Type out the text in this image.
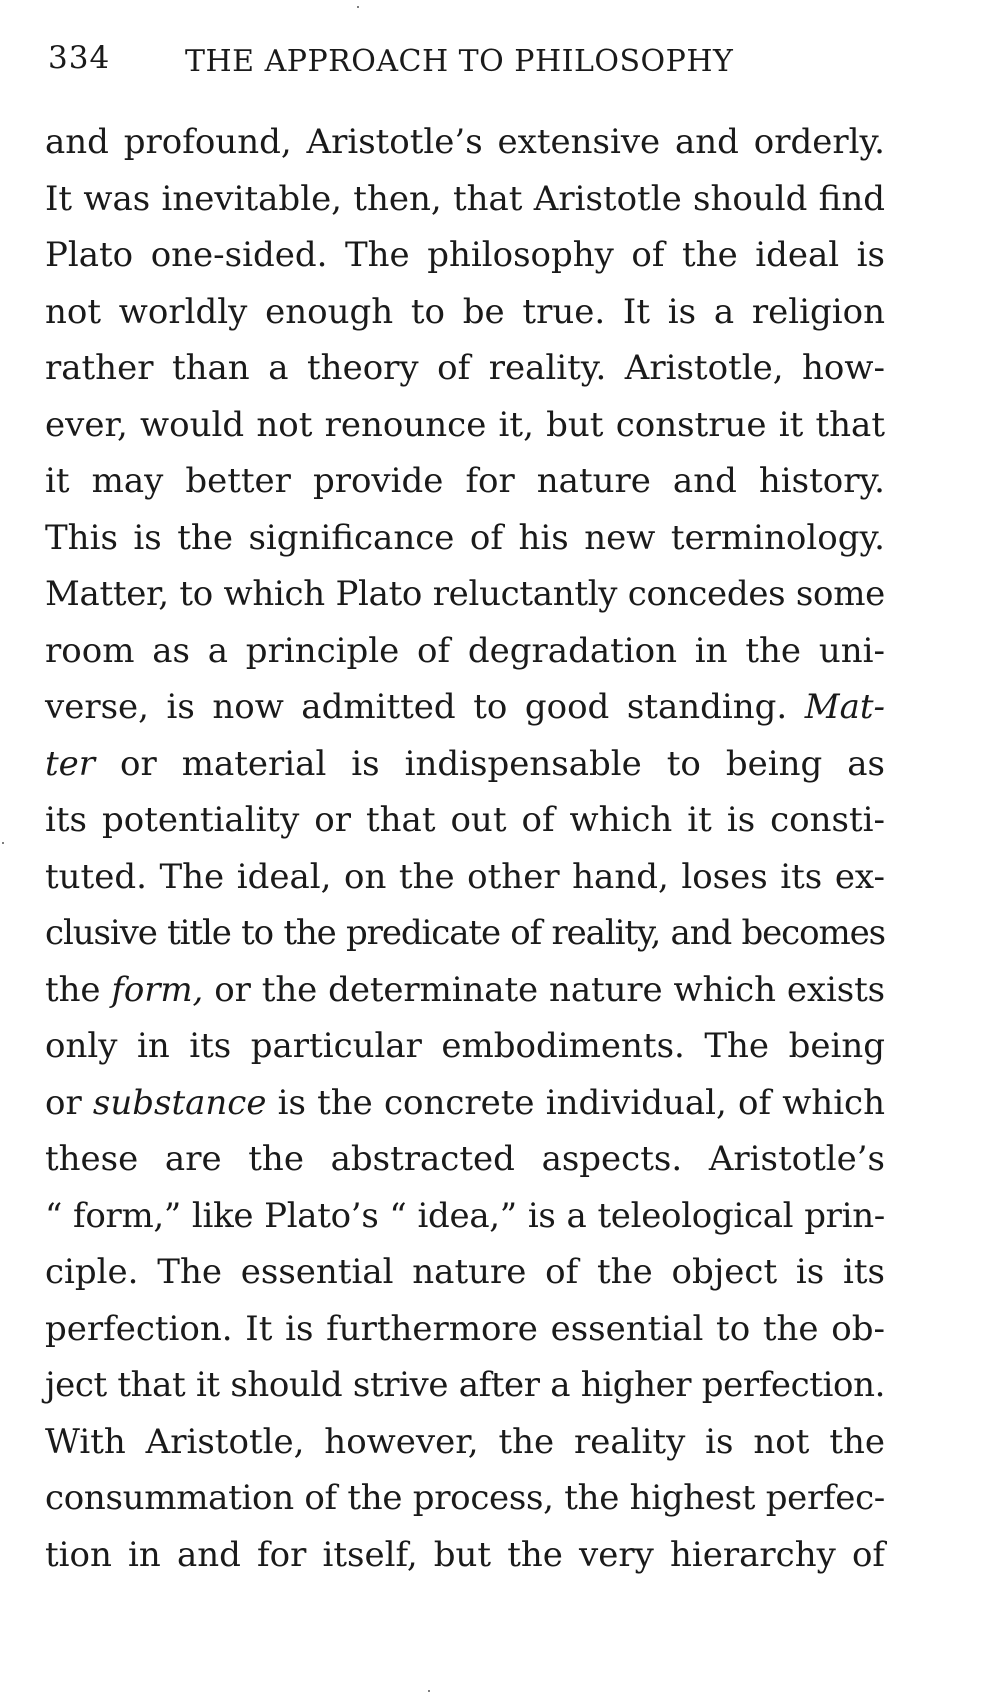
334 THE APPROACH TO PHILOSOPHY
and profound, Aristotle’s extensive and orderly.
It was inevitable, then, that Aristotle should find
Plato one-sided. The philosophy of the ideal is
not worldly enough to be true. It is a religion
rather than a theory of reality. Aristotle, how-
ever, would not renounce it, but construe it that
it may better provide for nature and history.
This is the significance of his new terminology.
Matter, to which Plato reluctantly concedes some
room as a principle of degradation in the uni-
verse, is now admitted to good standing. Mat-
ter or material is indispensable to being as
its potentiality or that out of which it is consti-
tuted. The ideal, on the other hand, loses its ex-
clusive title to the predicate of reality, and becomes
the form, or the determinate nature which exists
only in its particular embodiments. The being
or substance is the concrete individual, of which
these are the abstracted aspects. Aristotle’s
“ form,” like Plato’s “ idea,” is a teleological prin-
ciple. The essential nature of the object is its
perfection. It is furthermore essential to the ob-
ject that it should strive after a higher perfection.
With Aristotle, however, the reality is not the
consummation of the process, the highest perfec-
tion in and for itself, but the very hierarchy of
